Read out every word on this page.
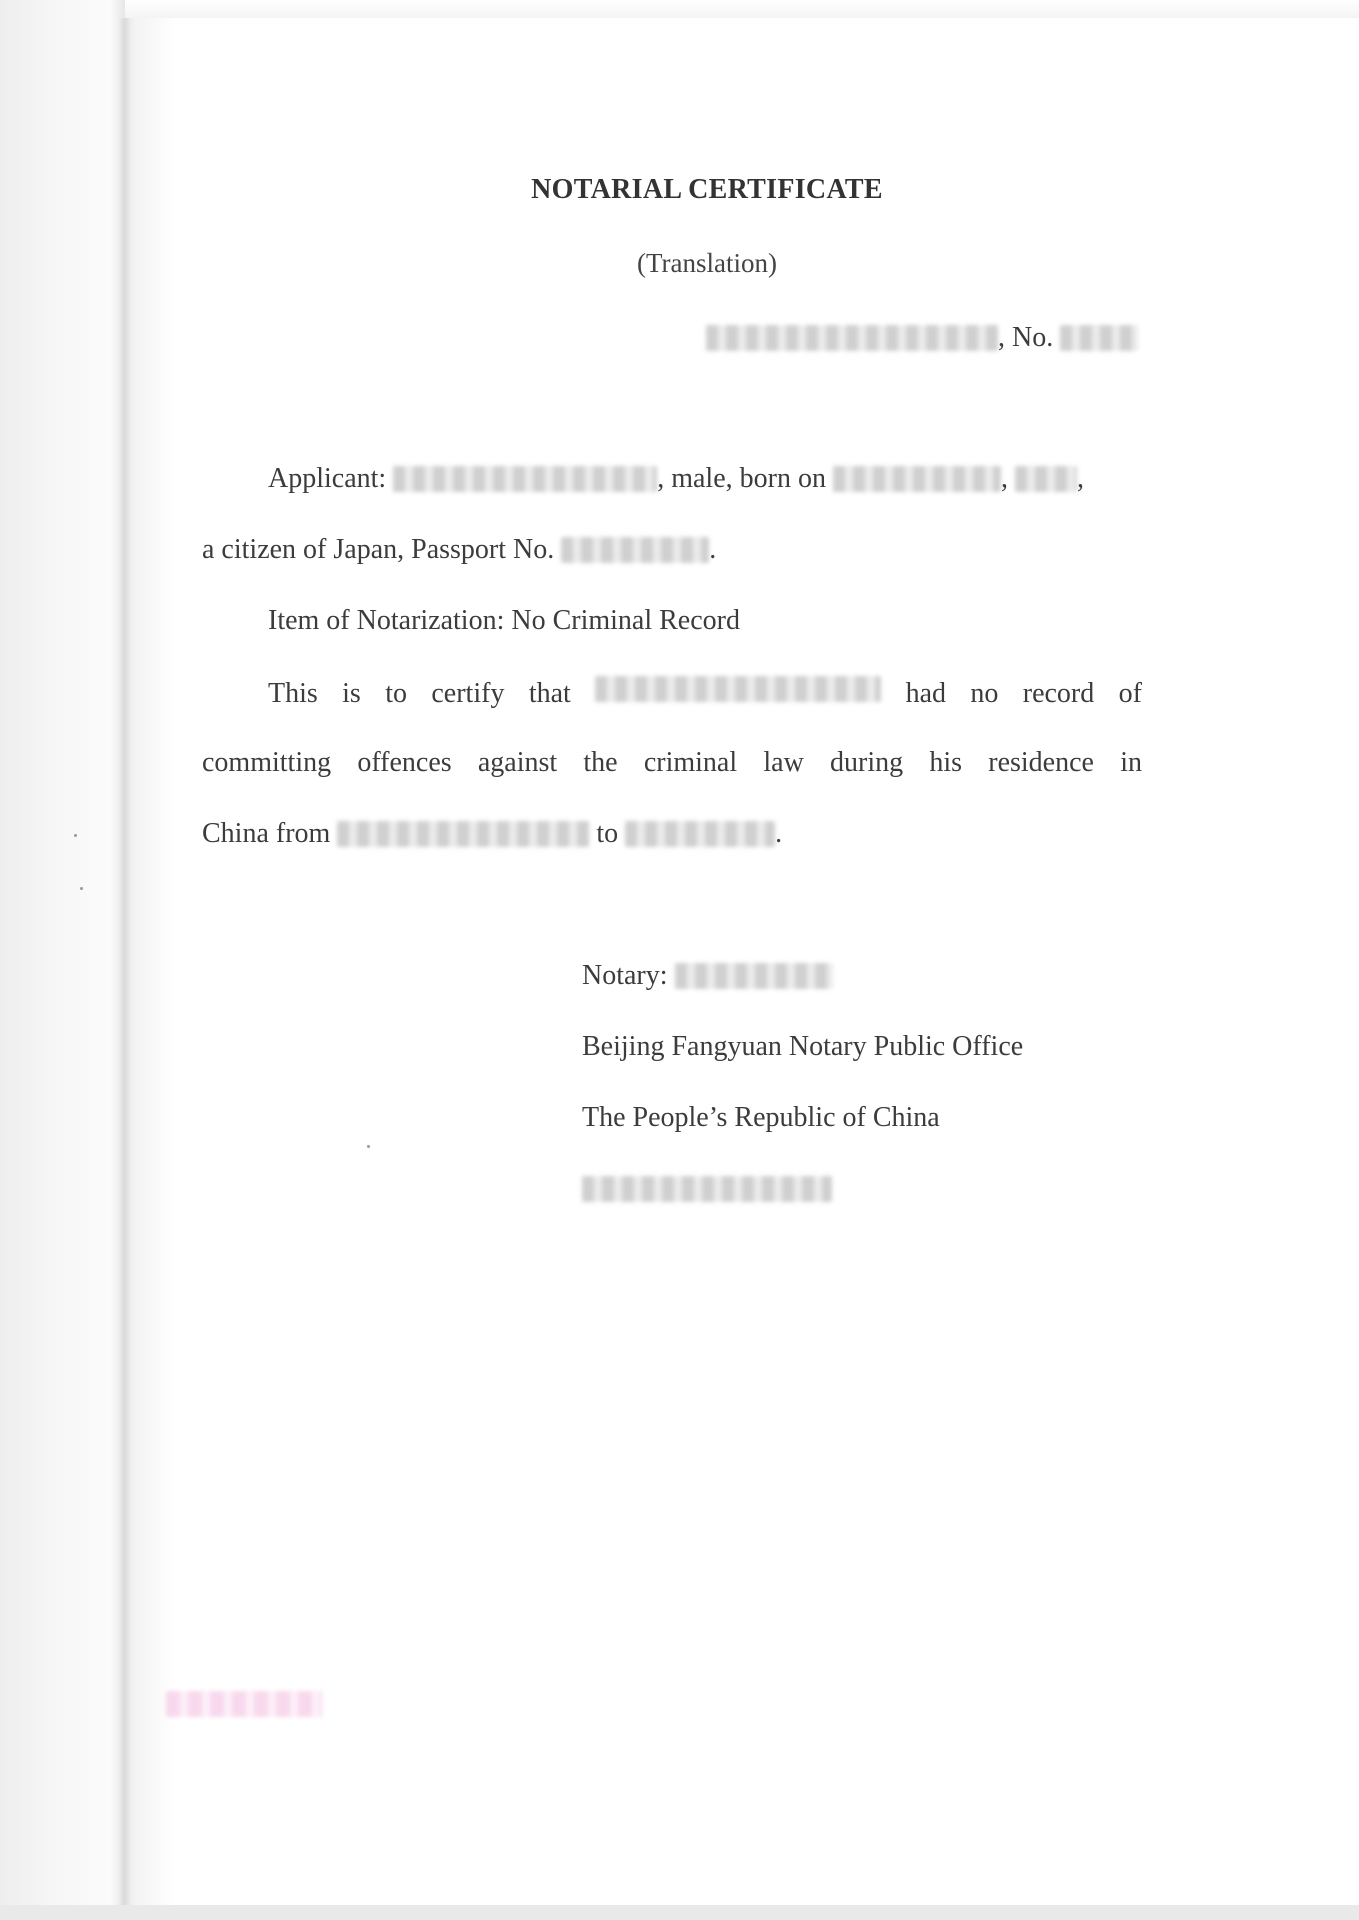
NOTARIAL CERTIFICATE
(Translation)
, No.
Applicant:	, male, born on	, ,
a citizen of Japan, Passport No.	.
Item of Notarization: No Criminal Record
This is to certify that	had no record of
committing offences against the criminal law during his residence in
China from	to	.
Notary:
Beijing Fangyuan Notary Public Office
The People’s Republic of China
